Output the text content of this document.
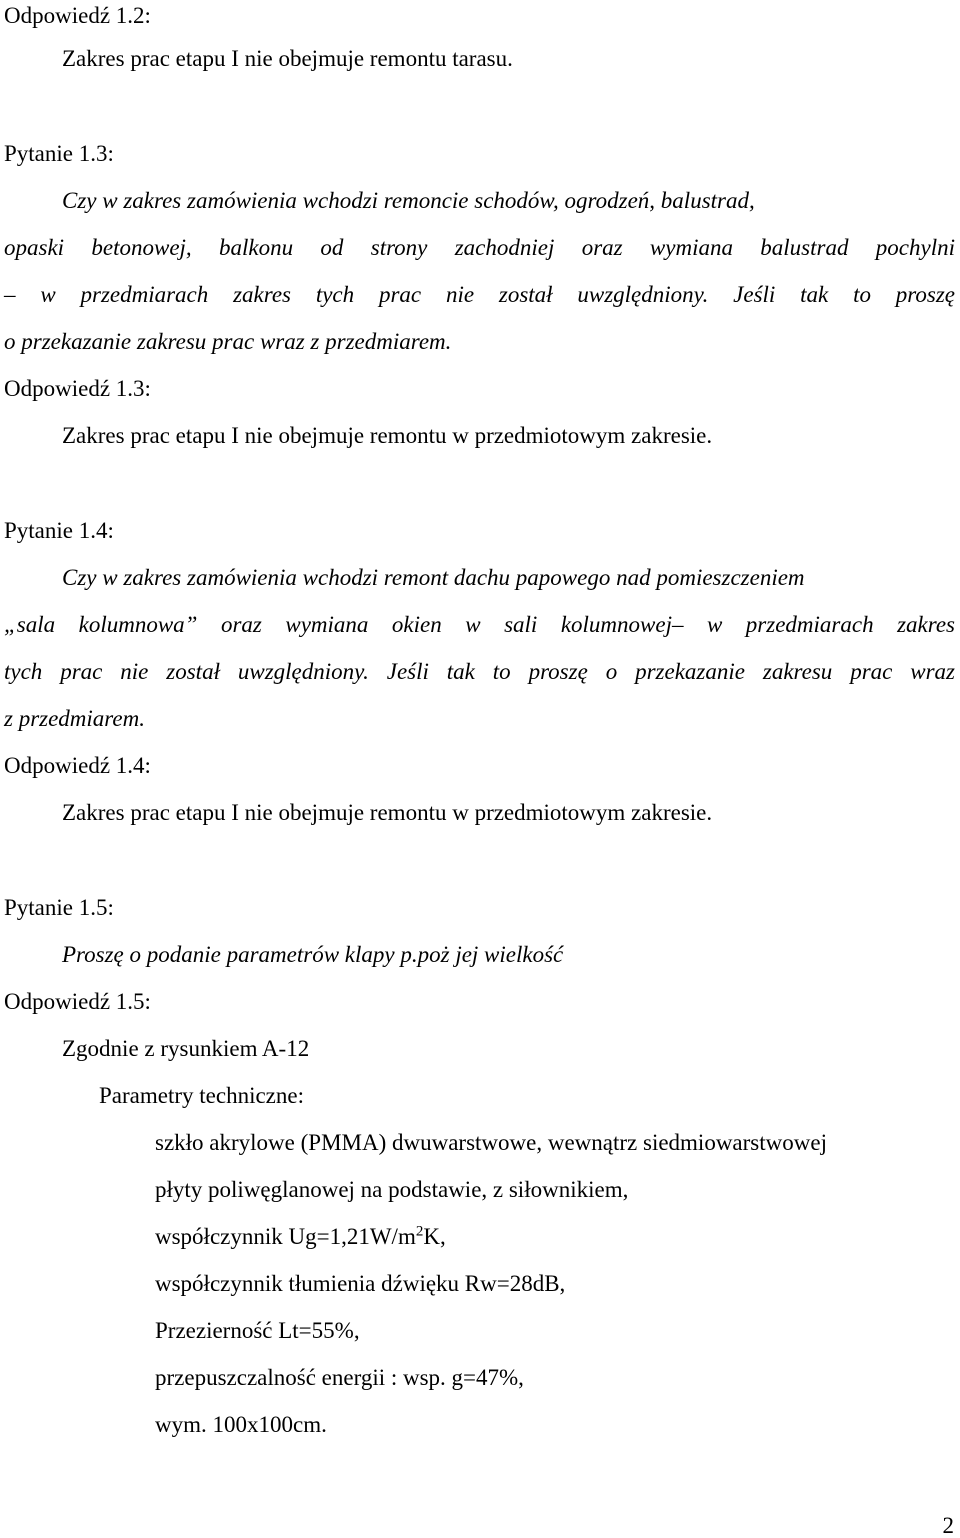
Odpowiedź 1.2:
Zakres prac etapu I nie obejmuje remontu tarasu.
Pytanie 1.3:
Czy w zakres zamówienia wchodzi remoncie schodów, ogrodzeń, balustrad,
opaski betonowej, balkonu od strony zachodniej oraz wymiana balustrad pochylni
– w przedmiarach zakres tych prac nie został uwzględniony. Jeśli tak to proszę
o przekazanie zakresu prac wraz z przedmiarem.
Odpowiedź 1.3:
Zakres prac etapu I nie obejmuje remontu w przedmiotowym zakresie.
Pytanie 1.4:
Czy w zakres zamówienia wchodzi remont dachu papowego nad pomieszczeniem
„sala kolumnowa” oraz wymiana okien w sali kolumnowej– w przedmiarach zakres
tych prac nie został uwzględniony. Jeśli tak to proszę o przekazanie zakresu prac wraz
z przedmiarem.
Odpowiedź 1.4:
Zakres prac etapu I nie obejmuje remontu w przedmiotowym zakresie.
Pytanie 1.5:
Proszę o podanie parametrów klapy p.poż jej wielkość
Odpowiedź 1.5:
Zgodnie z rysunkiem A-12
Parametry techniczne:
szkło akrylowe (PMMA) dwuwarstwowe, wewnątrz siedmiowarstwowej
płyty poliwęglanowej na podstawie, z siłownikiem,
współczynnik $Ug=1,21W/m^2K$,
współczynnik tłumienia dźwięku Rw=28dB,
Przezierność Lt=55%,
przepuszczalność energii : wsp. g=47%,
wym. 100x100cm.
2
